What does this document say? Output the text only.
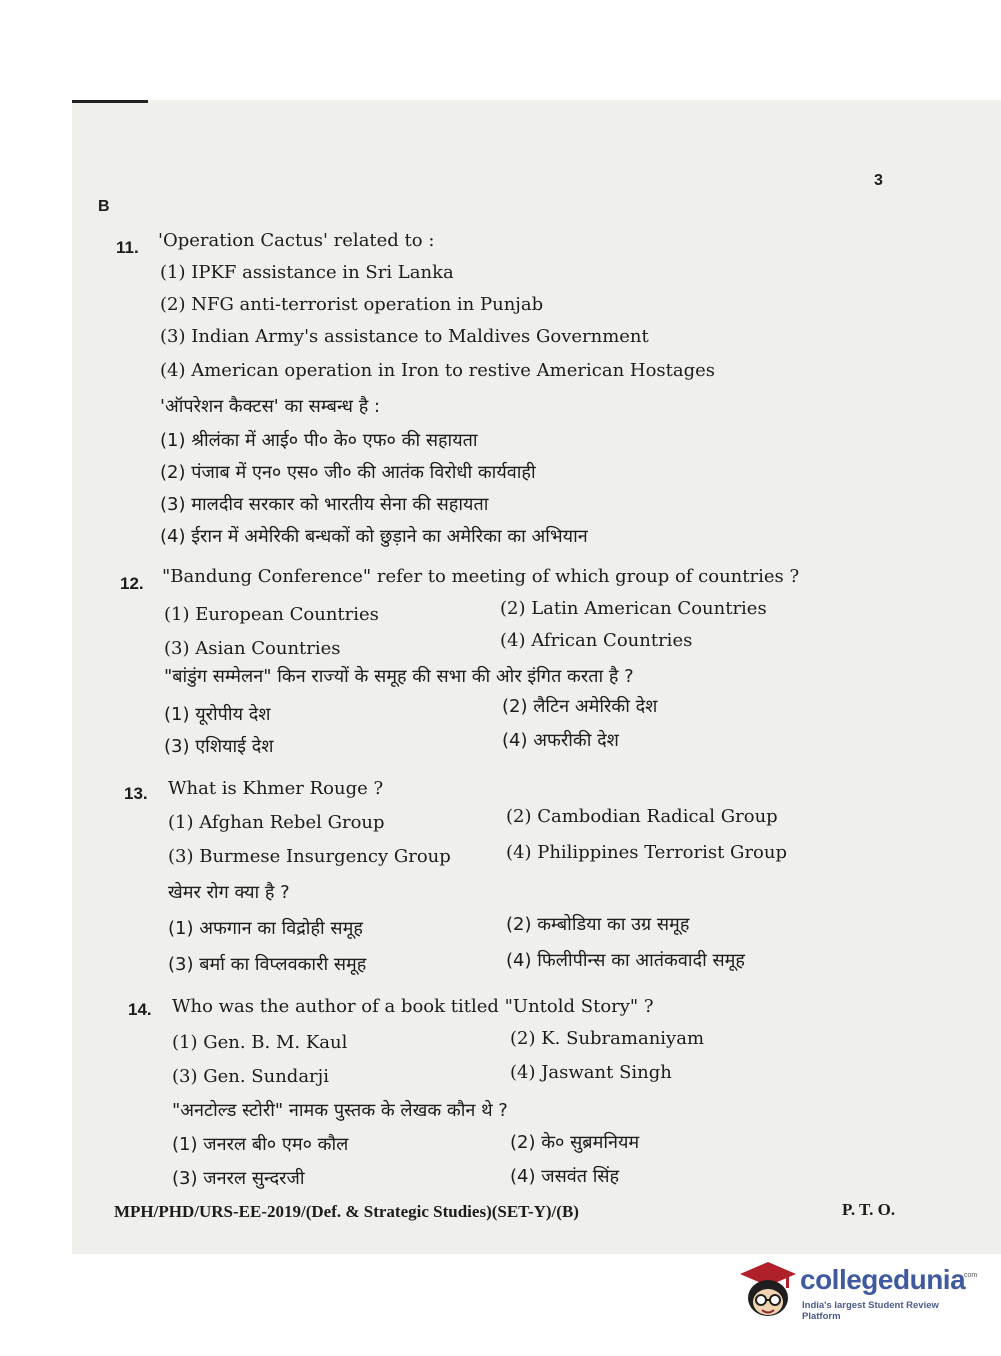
B
3
11. 'Operation Cactus' related to :
(1) IPKF assistance in Sri Lanka
(2) NFG anti-terrorist operation in Punjab
(3) Indian Army's assistance to Maldives Government
(4) American operation in Iron to restive American Hostages
'ऑपरेशन कैक्टस' का सम्बन्ध है :
(1) श्रीलंका में आई० पी० के० एफ० की सहायता
(2) पंजाब में एन० एस० जी० की आतंक विरोधी कार्यवाही
(3) मालदीव सरकार को भारतीय सेना की सहायता
(4) ईरान में अमेरिकी बन्धकों को छुड़ाने का अमेरिका का अभियान
12. "Bandung Conference" refer to meeting of which group of countries ?
(1) European Countries	(2) Latin American Countries
(3) Asian Countries	(4) African Countries
"बांडुंग सम्मेलन" किन राज्यों के समूह की सभा की ओर इंगित करता है ?
(1) यूरोपीय देश	(2) लैटिन अमेरिकी देश
(3) एशियाई देश	(4) अफरीकी देश
13. What is Khmer Rouge ?
(1) Afghan Rebel Group	(2) Cambodian Radical Group
(3) Burmese Insurgency Group	(4) Philippines Terrorist Group
खेमर रोग क्या है ?
(1) अफगान का विद्रोही समूह	(2) कम्बोडिया का उग्र समूह
(3) बर्मा का विप्लवकारी समूह	(4) फिलीपीन्स का आतंकवादी समूह
14. Who was the author of a book titled "Untold Story" ?
(1) Gen. B. M. Kaul	(2) K. Subramaniyam
(3) Gen. Sundarji	(4) Jaswant Singh
"अनटोल्ड स्टोरी" नामक पुस्तक के लेखक कौन थे ?
(1) जनरल बी० एम० कौल	(2) के० सुब्रमनियम
(3) जनरल सुन्दरजी	(4) जसवंत सिंह
MPH/PHD/URS-EE-2019/(Def. & Strategic Studies)(SET-Y)/(B)	P. T. O.
collegedunia
com
India's largest Student Review Platform
